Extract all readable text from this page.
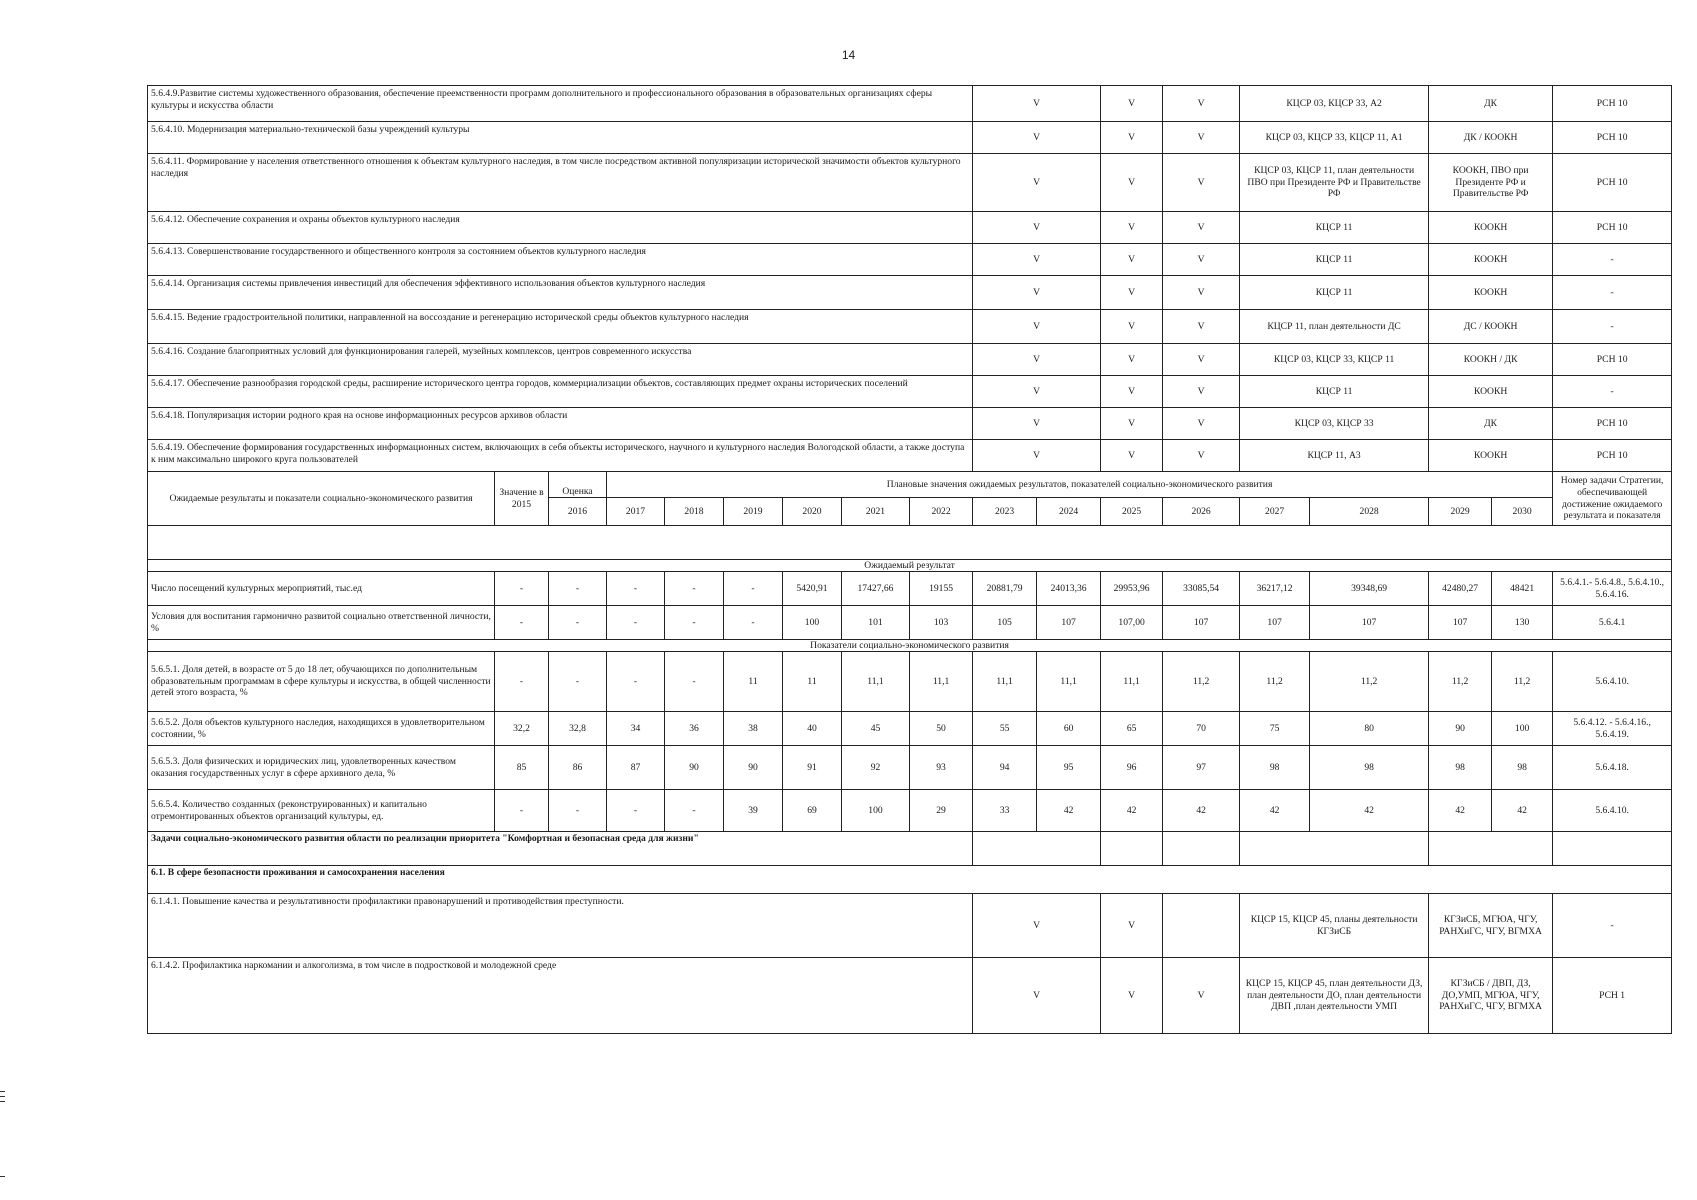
14
5.6.4.9.Развитие системы художественного образования, обеспечение преемственности программ дополнительного и профессионального образования в образовательных организациях сферы культуры и искусства области									V		V	V	КЦСР 03, КЦСР 33, А2		ДК		РСН 10
5.6.4.10. Модернизация материально-технической базы учреждений культуры									V		V	V	КЦСР 03, КЦСР 33, КЦСР 11, А1		ДК / КООКН		РСН 10
5.6.4.11. Формирование у населения ответственного отношения к объектам культурного наследия, в том числе посредством активной популяризации исторической значимости объектов культурного наследия									V		V	V	КЦСР 03, КЦСР 11, план деятельности ПВО при Президенте РФ и Правительстве РФ		КООКН, ПВО при Президенте РФ и Правительстве РФ		РСН 10
5.6.4.12. Обеспечение сохранения и охраны объектов культурного наследия									V		V	V	КЦСР 11		КООКН		РСН 10
5.6.4.13. Совершенствование государственного и общественного контроля за состоянием объектов культурного наследия									V		V	V	КЦСР 11		КООКН		-
5.6.4.14. Организация системы привлечения инвестиций для обеспечения эффективного использования объектов культурного наследия									V		V	V	КЦСР 11		КООКН		-
5.6.4.15. Ведение градостроительной политики, направленной на воссоздание и регенерацию исторической среды объектов культурного наследия									V		V	V	КЦСР 11, план деятельности ДС		ДС / КООКН		-
5.6.4.16. Создание благоприятных условий для функционирования галерей, музейных комплексов, центров современного искусства									V		V	V	КЦСР 03, КЦСР 33, КЦСР 11		КООКН / ДК		РСН 10
5.6.4.17. Обеспечение разнообразия городской среды, расширение исторического центра городов, коммерциализации объектов, составляющих предмет охраны исторических поселений									V		V	V	КЦСР 11		КООКН		-
5.6.4.18. Популяризация истории родного края на основе информационных ресурсов архивов области									V		V	V	КЦСР 03, КЦСР 33		ДК		РСН 10
5.6.4.19. Обеспечение формирования государственных информационных систем, включающих в себя объекты исторического, научного и культурного наследия Вологодской области, а также доступа к ним максимально широкого круга пользователей									V		V	V	КЦСР 11, А3		КООКН		РСН 10
Ожидаемые результаты и показатели социально-экономического развития	Значение в 2015	Оценка	Плановые значения ожидаемых результатов, показателей социально-экономического развития														Номер задачи Стратегии, обеспечивающей достижение ожидаемого результата и показателя
		2016	2017	2018	2019	2020	2021	2022	2023	2024	2025	2026	2027	2028	2029	2030	

Ожидаемый результат																	
Число посещений культурных мероприятий, тыс.ед	-	-	-	-	-	5420,91	17427,66	19155	20881,79	24013,36	29953,96	33085,54	36217,12	39348,69	42480,27	48421	5.6.4.1.- 5.6.4.8., 5.6.4.10., 5.6.4.16.
Условия для воспитания гармонично развитой социально ответственной личности, %	-	-	-	-	-	100	101	103	105	107	107,00	107	107	107	107	130	5.6.4.1
Показатели социально-экономического развития																	
5.6.5.1. Доля детей, в возрасте от 5 до 18 лет, обучающихся по дополнительным образовательным программам в сфере культуры и искусства, в общей численности детей этого возраста, %	-	-	-	-	11	11	11,1	11,1	11,1	11,1	11,1	11,2	11,2	11,2	11,2	11,2	5.6.4.10.
5.6.5.2. Доля объектов культурного наследия, находящихся в удовлетворительном состоянии, %	32,2	32,8	34	36	38	40	45	50	55	60	65	70	75	80	90	100	5.6.4.12. - 5.6.4.16., 5.6.4.19.
5.6.5.3. Доля физических и юридических лиц, удовлетворенных качеством оказания государственных услуг в сфере архивного дела, %	85	86	87	90	90	91	92	93	94	95	96	97	98	98	98	98	5.6.4.18.
5.6.5.4. Количество созданных (реконструированных) и капитально отремонтированных объектов организаций культуры, ед.	-	-	-	-	39	69	100	29	33	42	42	42	42	42	42	42	5.6.4.10.
Задачи социально-экономического развития области по реализации приоритета "Комфортная и безопасная среда для жизни"																	
6.1. В сфере безопасности проживания и самосохранения населения																	
6.1.4.1. Повышение качества и результативности профилактики правонарушений и противодействия преступности.									V		V		КЦСР 15, КЦСР 45, планы деятельности КГЗиСБ		КГЗиСБ, МГЮА, ЧГУ, РАНХиГС, ЧГУ, ВГМХА		-
6.1.4.2. Профилактика наркомании и алкоголизма, в том числе в подростковой и молодежной среде									V		V	V	КЦСР 15, КЦСР 45, план деятельности ДЗ, план деятельности ДО, план деятельности ДВП ,план деятельности УМП		КГЗиСБ / ДВП, ДЗ, ДО,УМП, МГЮА, ЧГУ, РАНХиГС, ЧГУ, ВГМХА		РСН 1
